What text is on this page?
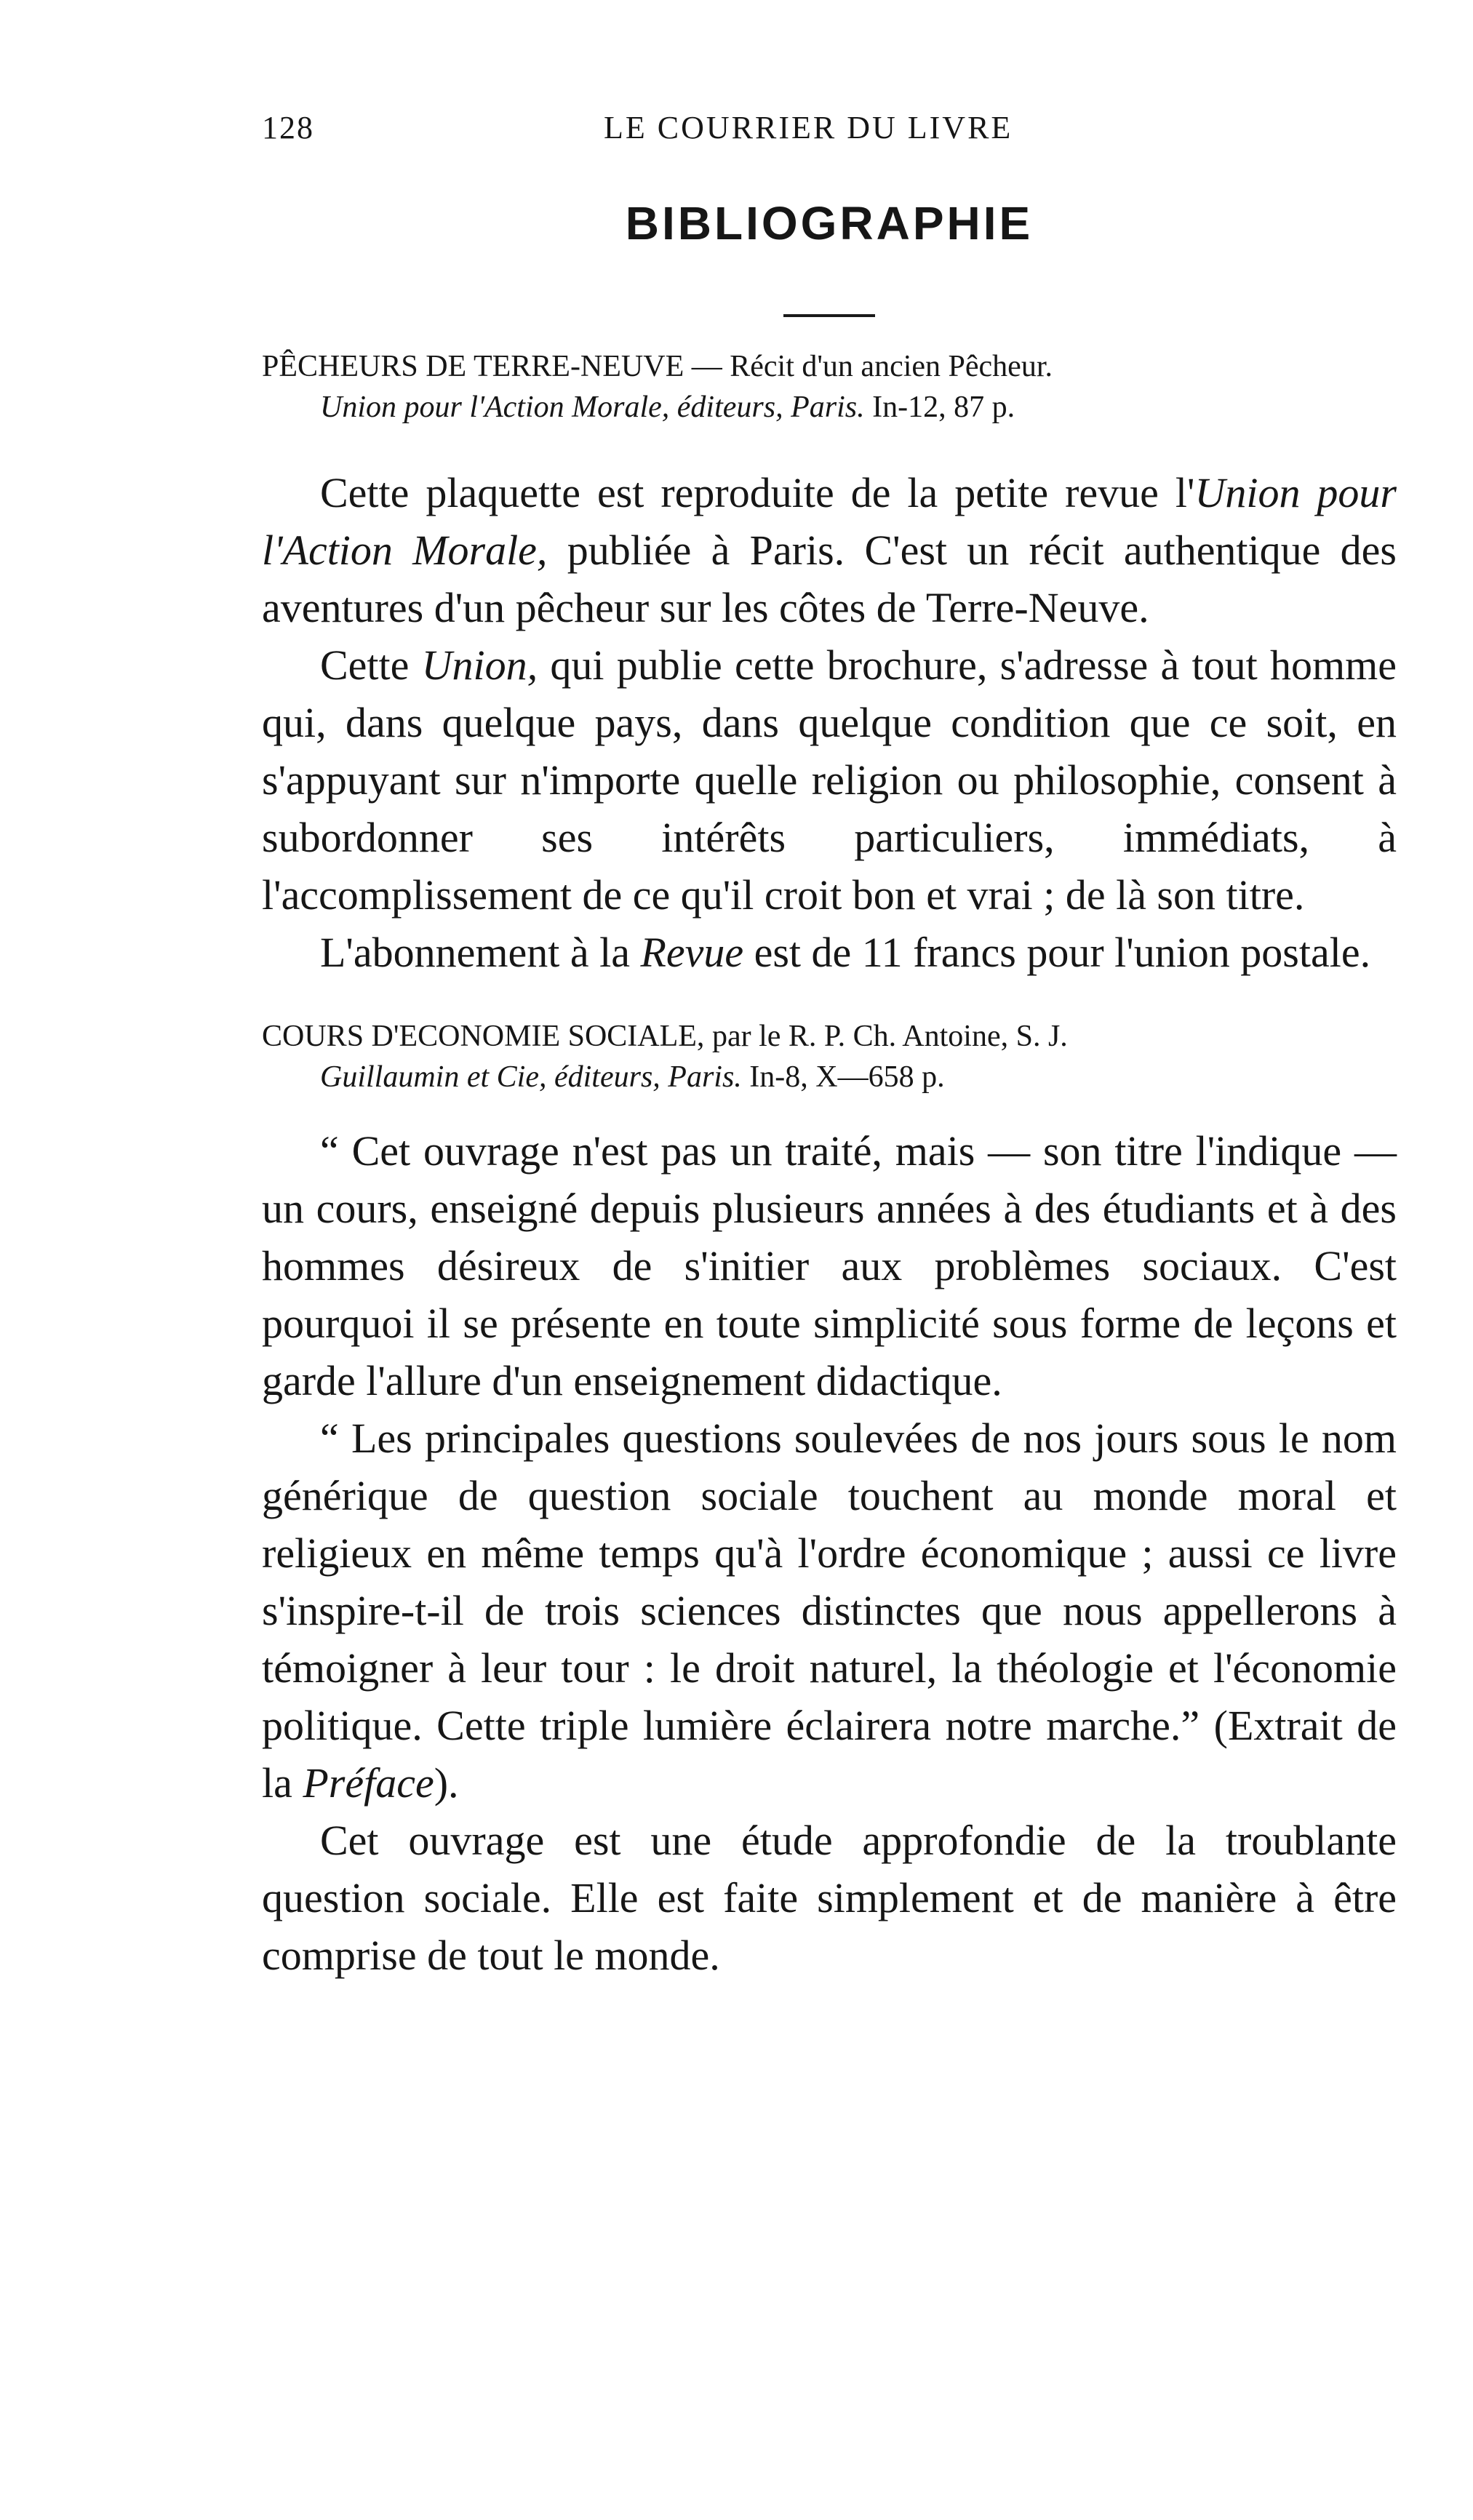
128	LE COURRIER DU LIVRE
BIBLIOGRAPHIE
PÊCHEURS DE TERRE-NEUVE — Récit d'un ancien Pêcheur.
Union pour l'Action Morale, éditeurs, Paris. In-12, 87 p.

Cette plaquette est reproduite de la petite revue l'Union pour l'Action Morale, publiée à Paris. C'est un récit authentique des aventures d'un pêcheur sur les côtes de Terre-Neuve.

Cette Union, qui publie cette brochure, s'adresse à tout homme qui, dans quelque pays, dans quelque condition que ce soit, en s'appuyant sur n'importe quelle religion ou philosophie, consent à subordonner ses intérêts particuliers, immédiats, à l'accomplissement de ce qu'il croit bon et vrai ; de là son titre.

L'abonnement à la Revue est de 11 francs pour l'union postale.

COURS D'ECONOMIE SOCIALE, par le R. P. Ch. Antoine, S. J.
Guillaumin et Cie, éditeurs, Paris. In-8, X—658 p.

“ Cet ouvrage n'est pas un traité, mais — son titre l'indique — un cours, enseigné depuis plusieurs années à des étudiants et à des hommes désireux de s'initier aux problèmes sociaux. C'est pourquoi il se présente en toute simplicité sous forme de leçons et garde l'allure d'un enseignement didactique.

“ Les principales questions soulevées de nos jours sous le nom générique de question sociale touchent au monde moral et religieux en même temps qu'à l'ordre économique ; aussi ce livre s'inspire-t-il de trois sciences distinctes que nous appellerons à témoigner à leur tour : le droit naturel, la théologie et l'économie politique. Cette triple lumière éclairera notre marche.” (Extrait de la Préface).

Cet ouvrage est une étude approfondie de la troublante question sociale. Elle est faite simplement et de manière à être comprise de tout le monde.
